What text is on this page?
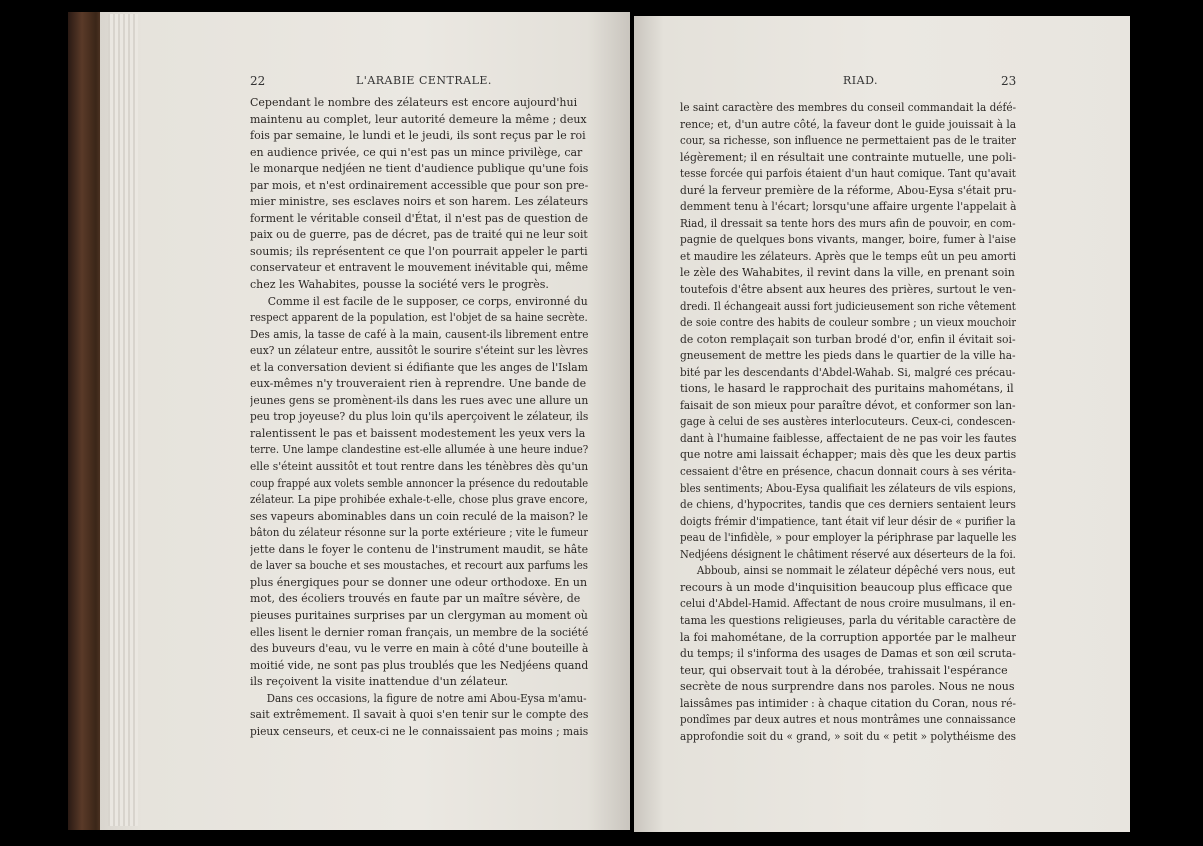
22	L'ARABIE CENTRALE.	RIAD.	23
Cependant le nombre des zélateurs est encore aujourd'hui
maintenu au complet, leur autorité demeure la même ; deux
fois par semaine, le lundi et le jeudi, ils sont reçus par le roi
en audience privée, ce qui n'est pas un mince privilège, car
le monarque nedjéen ne tient d'audience publique qu'une fois
par mois, et n'est ordinairement accessible que pour son pre-
mier ministre, ses esclaves noirs et son harem. Les zélateurs
forment le véritable conseil d'État, il n'est pas de question de
paix ou de guerre, pas de décret, pas de traité qui ne leur soit
soumis; ils représentent ce que l'on pourrait appeler le parti
conservateur et entravent le mouvement inévitable qui, même
chez les Wahabites, pousse la société vers le progrès.
Comme il est facile de le supposer, ce corps, environné du
respect apparent de la population, est l'objet de sa haine secrète.
Des amis, la tasse de café à la main, causent-ils librement entre
eux? un zélateur entre, aussitôt le sourire s'éteint sur les lèvres
et la conversation devient si édifiante que les anges de l'Islam
eux-mêmes n'y trouveraient rien à reprendre. Une bande de
jeunes gens se promènent-ils dans les rues avec une allure un
peu trop joyeuse? du plus loin qu'ils aperçoivent le zélateur, ils
ralentissent le pas et baissent modestement les yeux vers la
terre. Une lampe clandestine est-elle allumée à une heure indue?
elle s'éteint aussitôt et tout rentre dans les ténèbres dès qu'un
coup frappé aux volets semble annoncer la présence du redoutable
zélateur. La pipe prohibée exhale-t-elle, chose plus grave encore,
ses vapeurs abominables dans un coin reculé de la maison? le
bâton du zélateur résonne sur la porte extérieure ; vite le fumeur
jette dans le foyer le contenu de l'instrument maudit, se hâte
de laver sa bouche et ses moustaches, et recourt aux parfums les
plus énergiques pour se donner une odeur orthodoxe. En un
mot, des écoliers trouvés en faute par un maître sévère, de
pieuses puritaines surprises par un clergyman au moment où
elles lisent le dernier roman français, un membre de la société
des buveurs d'eau, vu le verre en main à côté d'une bouteille à
moitié vide, ne sont pas plus troublés que les Nedjéens quand
ils reçoivent la visite inattendue d'un zélateur.
Dans ces occasions, la figure de notre ami Abou-Eysa m'amu-
sait extrêmement. Il savait à quoi s'en tenir sur le compte des
pieux censeurs, et ceux-ci ne le connaissaient pas moins ; mais
le saint caractère des membres du conseil commandait la défé-
rence; et, d'un autre côté, la faveur dont le guide jouissait à la
cour, sa richesse, son influence ne permettaient pas de le traiter
légèrement; il en résultait une contrainte mutuelle, une poli-
tesse forcée qui parfois étaient d'un haut comique. Tant qu'avait
duré la ferveur première de la réforme, Abou-Eysa s'était pru-
demment tenu à l'écart; lorsqu'une affaire urgente l'appelait à
Riad, il dressait sa tente hors des murs afin de pouvoir, en com-
pagnie de quelques bons vivants, manger, boire, fumer à l'aise
et maudire les zélateurs. Après que le temps eût un peu amorti
le zèle des Wahabites, il revint dans la ville, en prenant soin
toutefois d'être absent aux heures des prières, surtout le ven-
dredi. Il échangeait aussi fort judicieusement son riche vêtement
de soie contre des habits de couleur sombre ; un vieux mouchoir
de coton remplaçait son turban brodé d'or, enfin il évitait soi-
gneusement de mettre les pieds dans le quartier de la ville ha-
bité par les descendants d'Abdel-Wahab. Si, malgré ces précau-
tions, le hasard le rapprochait des puritains mahométans, il
faisait de son mieux pour paraître dévot, et conformer son lan-
gage à celui de ses austères interlocuteurs. Ceux-ci, condescen-
dant à l'humaine faiblesse, affectaient de ne pas voir les fautes
que notre ami laissait échapper; mais dès que les deux partis
cessaient d'être en présence, chacun donnait cours à ses vérita-
bles sentiments; Abou-Eysa qualifiait les zélateurs de vils espions,
de chiens, d'hypocrites, tandis que ces derniers sentaient leurs
doigts frémir d'impatience, tant était vif leur désir de « purifier la
peau de l'infidèle, » pour employer la périphrase par laquelle les
Nedjéens désignent le châtiment réservé aux déserteurs de la foi.
Abboub, ainsi se nommait le zélateur dépêché vers nous, eut
recours à un mode d'inquisition beaucoup plus efficace que
celui d'Abdel-Hamid. Affectant de nous croire musulmans, il en-
tama les questions religieuses, parla du véritable caractère de
la foi mahométane, de la corruption apportée par le malheur
du temps; il s'informa des usages de Damas et son œil scruta-
teur, qui observait tout à la dérobée, trahissait l'espérance
secrète de nous surprendre dans nos paroles. Nous ne nous
laissâmes pas intimider : à chaque citation du Coran, nous ré-
pondîmes par deux autres et nous montrâmes une connaissance
approfondie soit du « grand, » soit du « petit » polythéisme des
